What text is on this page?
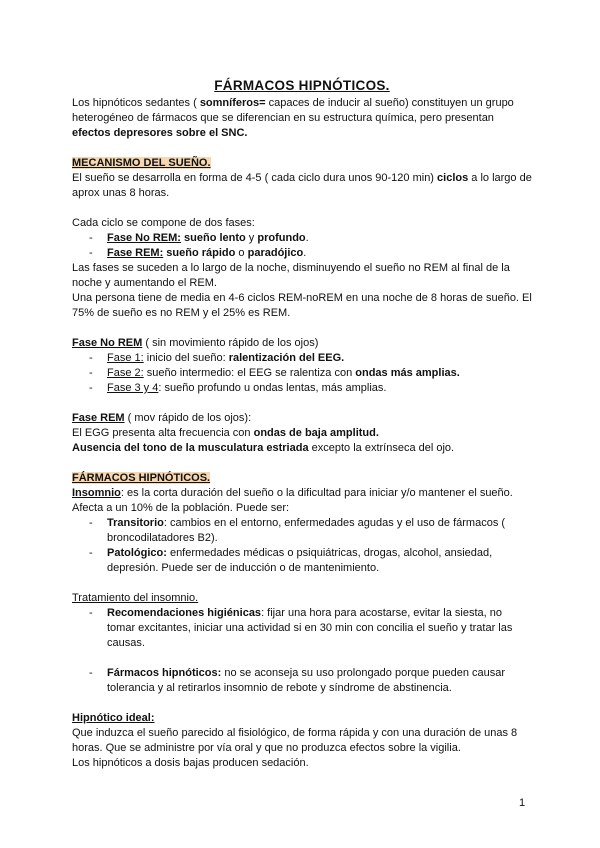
FÁRMACOS HIPNÓTICOS.

Los hipnóticos sedantes ( somníferos= capaces de inducir al sueño) constituyen un grupo heterogéneo de fármacos que se diferencian en su estructura química, pero presentan efectos depresores sobre el SNC.

MECANISMO DEL SUEÑO.

El sueño se desarrolla en forma de 4-5 ( cada ciclo dura unos 90-120 min) ciclos a lo largo de aprox unas 8 horas.

Cada ciclo se compone de dos fases:

- Fase No REM: sueño lento y profundo.
- Fase REM: sueño rápido o paradójico.

Las fases se suceden a lo largo de la noche, disminuyendo el sueño no REM al final de la noche y aumentando el REM.

Una persona tiene de media en 4-6 ciclos REM-noREM en una noche de 8 horas de sueño. El 75% de sueño es no REM y el 25% es REM.

Fase No REM ( sin movimiento rápido de los ojos)

- Fase 1: inicio del sueño: ralentización del EEG.
- Fase 2: sueño intermedio: el EEG se ralentiza con ondas más amplias.
- Fase 3 y 4: sueño profundo u ondas lentas, más amplias.

Fase REM ( mov rápido de los ojos):

El EGG presenta alta frecuencia con ondas de baja amplitud.

Ausencia del tono de la musculatura estriada excepto la extrínseca del ojo.

FÁRMACOS HIPNÓTICOS.

Insomnio: es la corta duración del sueño o la dificultad para iniciar y/o mantener el sueño. Afecta a un 10% de la población. Puede ser:

- Transitorio: cambios en el entorno, enfermedades agudas y el uso de fármacos ( broncodilatadores B2).
- Patológico: enfermedades médicas o psiquiátricas, drogas, alcohol, ansiedad, depresión. Puede ser de inducción o de mantenimiento.

Tratamiento del insomnio.

- Recomendaciones higiénicas: fijar una hora para acostarse, evitar la siesta, no tomar excitantes, iniciar una actividad si en 30 min con concilia el sueño y tratar las causas.
- Fármacos hipnóticos: no se aconseja su uso prolongado porque pueden causar tolerancia y al retirarlos insomnio de rebote y síndrome de abstinencia.

Hipnótico ideal:

Que induzca el sueño parecido al fisiológico, de forma rápida y con una duración de unas 8 horas. Que se administre por vía oral y que no produzca efectos sobre la vigilia.

Los hipnóticos a dosis bajas producen sedación.

1
